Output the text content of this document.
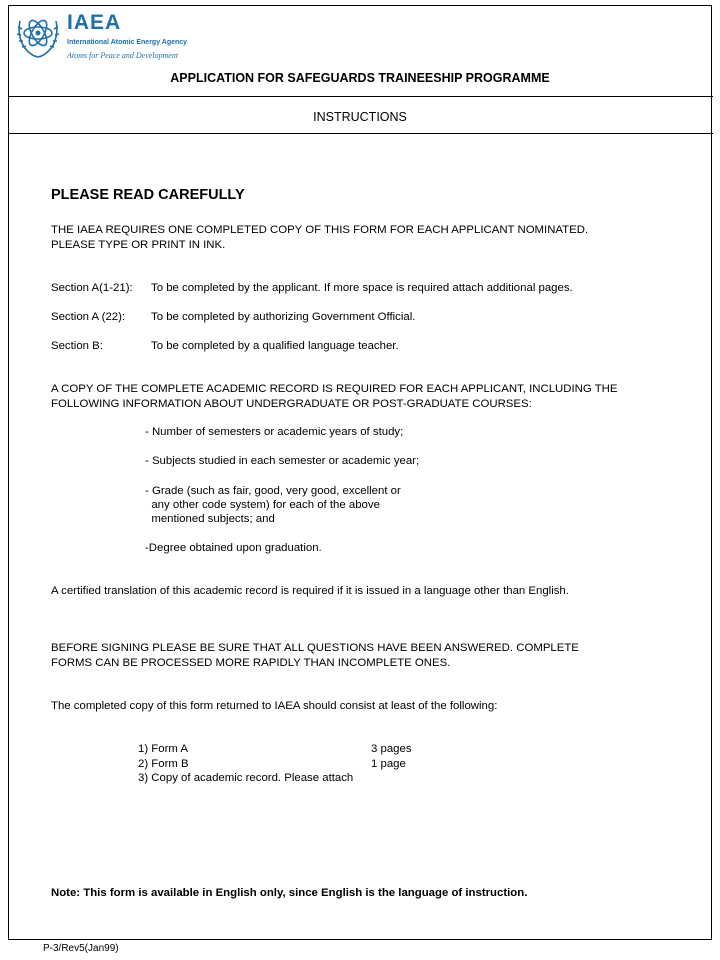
IAEA
International Atomic Energy Agency
Atoms for Peace and Development
APPLICATION FOR SAFEGUARDS TRAINEESHIP PROGRAMME
INSTRUCTIONS
PLEASE READ CAREFULLY
THE IAEA REQUIRES ONE COMPLETED COPY OF THIS FORM FOR EACH APPLICANT NOMINATED.
PLEASE TYPE OR PRINT IN INK.
Section A(1-21): To be completed by the applicant. If more space is required attach additional pages.
Section A (22): To be completed by authorizing Government Official.
Section B:	To be completed by a qualified language teacher.
A COPY OF THE COMPLETE ACADEMIC RECORD IS REQUIRED FOR EACH APPLICANT, INCLUDING THE
FOLLOWING INFORMATION ABOUT UNDERGRADUATE OR POST-GRADUATE COURSES:
- Number of semesters or academic years of study;
- Subjects studied in each semester or academic year;
- Grade (such as fair, good, very good, excellent or
any other code system) for each of the above
mentioned subjects; and
-Degree obtained upon graduation.
A certified translation of this academic record is required if it is issued in a language other than English.
BEFORE SIGNING PLEASE BE SURE THAT ALL QUESTIONS HAVE BEEN ANSWERED. COMPLETE
FORMS CAN BE PROCESSED MORE RAPIDLY THAN INCOMPLETE ONES.
The completed copy of this form returned to IAEA should consist at least of the following:
1) Form A	3 pages
2) Form B	1 page
3) Copy of academic record. Please attach
Note: This form is available in English only, since English is the language of instruction.
P-3/Rev5(Jan99)
